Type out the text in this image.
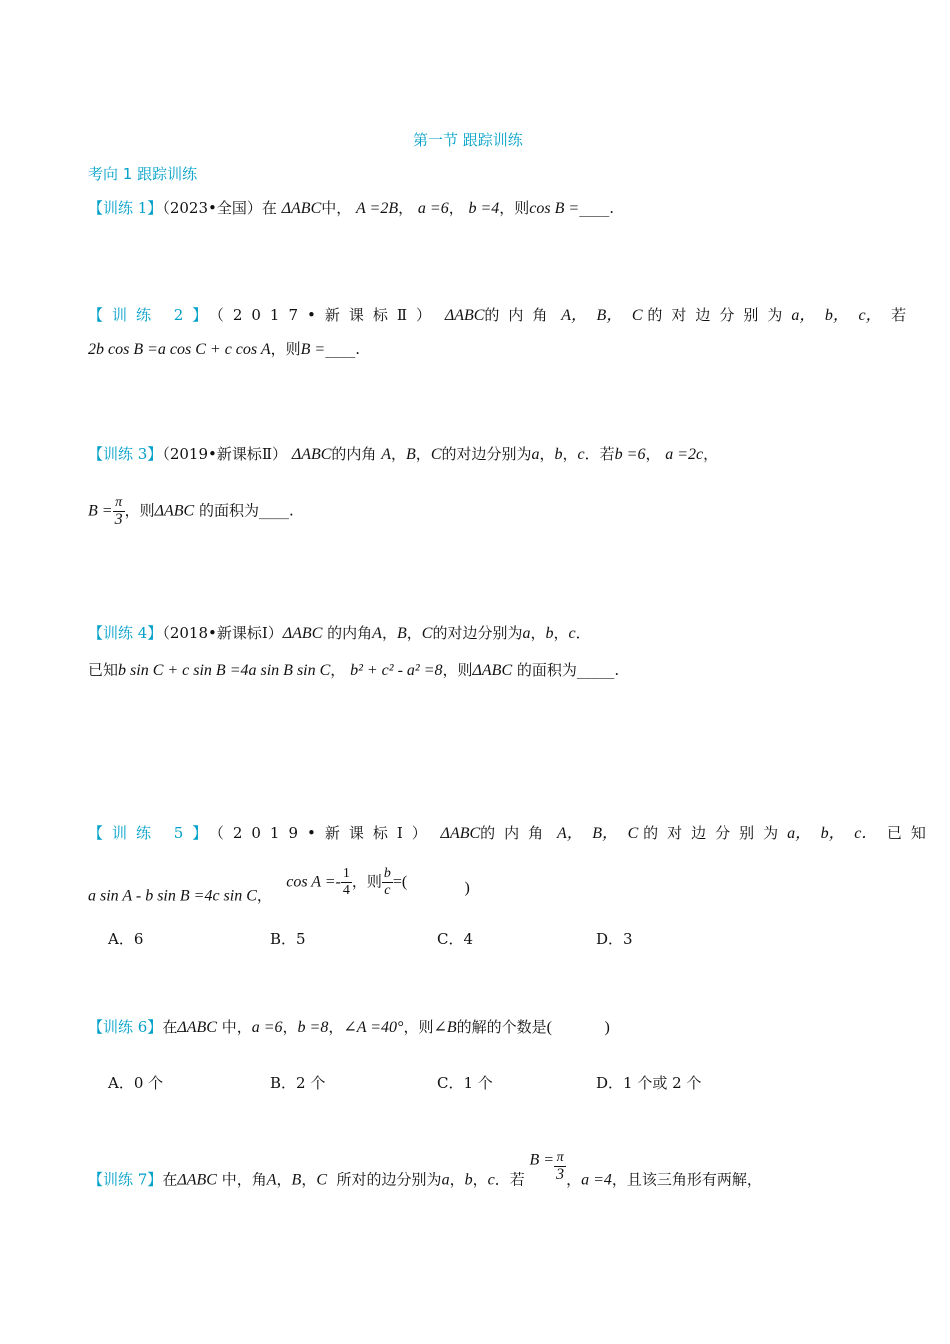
第一节 跟踪训练
考向 1 跟踪训练
【训练 1】（2023•全国）在 ΔABC中， A =2B， a =6， b =4，则cos B =____.
【训练 2】（2017•新课标Ⅱ） ΔABC的内角 A， B， C 的对边分别为a， b， c， 若
2b cos B =a cos C + c cos A，则B =____.
【训练 3】（2019•新课标Ⅱ） ΔABC的内角 A，B，C的对边分别为a，b，c．若b =6， a =2c，
$B = \frac{\pi}{3}$ ，则ΔABC 的面积为____.
【训练 4】（2018•新课标Ⅰ）ΔABC 的内角A，B，C的对边分别为a，b，c．
已知b sin C + c sin B =4a sin B sin C， b² + c² - a² =8，则ΔABC 的面积为_____.
【训练 5】（2019•新课标Ⅰ） ΔABC的内角 A， B， C 的对边分别为a， b， c． 已知
a sin A - b sin B =4c sin C，   $\cos A =- \frac{1}{4}$ ，则 $\frac{b}{c}$ =(	)
A．6	B．5	C．4	D．3
【训练 6】在ΔABC 中，a =6，b =8，∠A =40°，则∠B的解的个数是(	)
A．0 个	B．2 个	C．1 个	D．1 个或 2 个
【训练 7】在ΔABC 中，角A，B，C 所对的边分别为a，b，c．若 $B = \frac{\pi}{3}$ ，a =4，且该三角形有两解，
